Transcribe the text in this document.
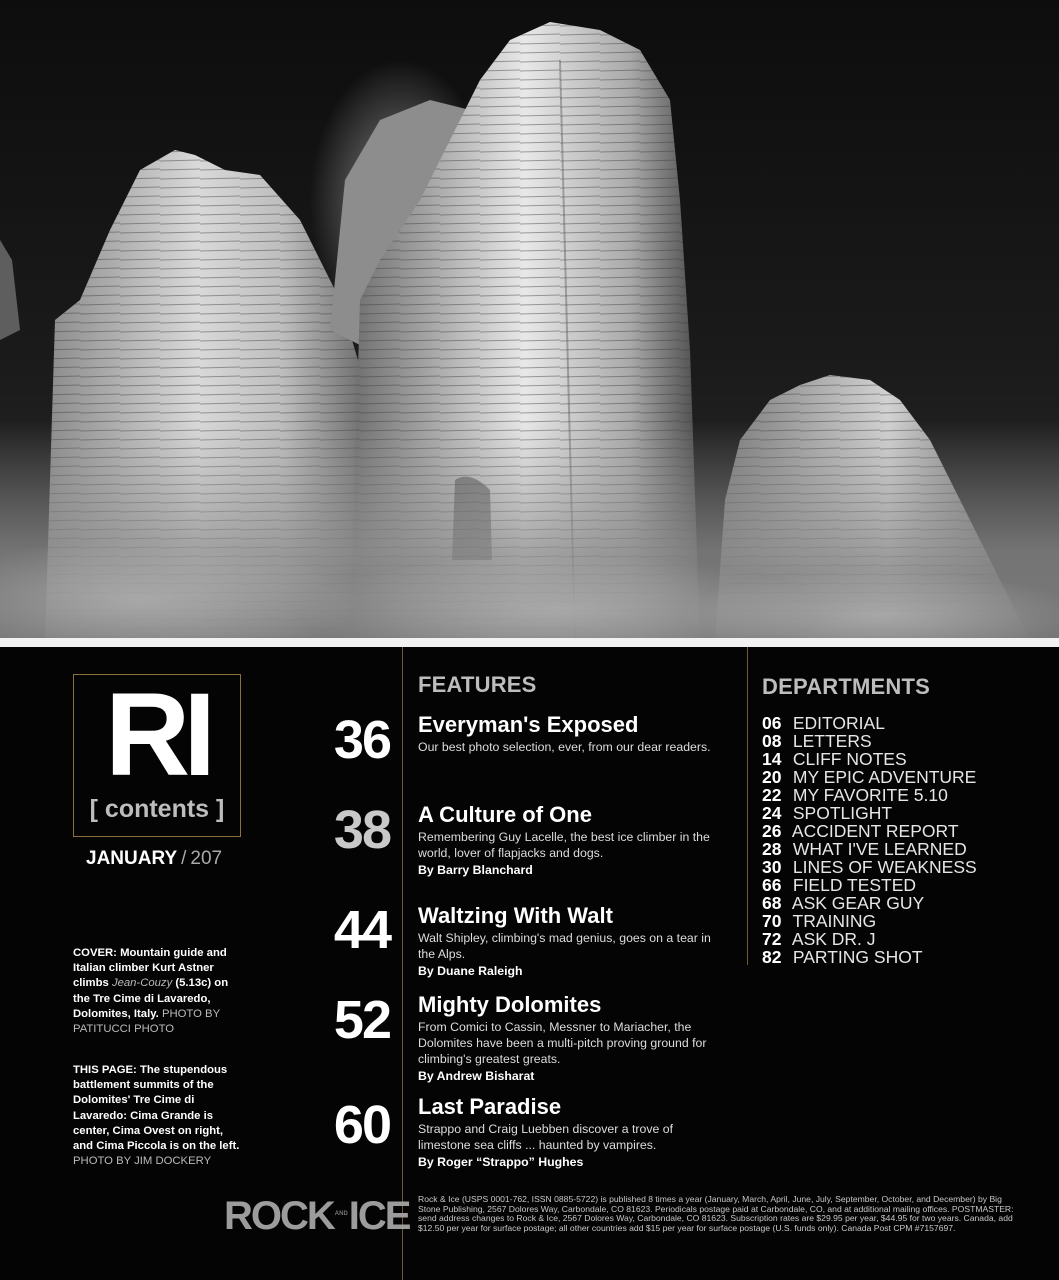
RI
[ contents ]
JANUARY / 207
COVER: Mountain guide and Italian climber Kurt Astner climbs Jean-Couzy (5.13c) on the Tre Cime di Lavaredo, Dolomites, Italy. PHOTO BY PATITUCCI PHOTO
THIS PAGE: The stupendous battlement summits of the Dolomites' Tre Cime di Lavaredo: Cima Grande is center, Cima Ovest on right, and Cima Piccola is on the left. PHOTO BY JIM DOCKERY
FEATURES
36 Everyman's Exposed
Our best photo selection, ever, from our dear readers.
38 A Culture of One
Remembering Guy Lacelle, the best ice climber in the world, lover of flapjacks and dogs.
By Barry Blanchard
44 Waltzing With Walt
Walt Shipley, climbing's mad genius, goes on a tear in the Alps.
By Duane Raleigh
52 Mighty Dolomites
From Comici to Cassin, Messner to Mariacher, the Dolomites have been a multi-pitch proving ground for climbing's greatest greats.
By Andrew Bisharat
60 Last Paradise
Strappo and Craig Luebben discover a trove of limestone sea cliffs ... haunted by vampires.
By Roger “Strappo” Hughes
DEPARTMENTS
06 EDITORIAL
08 LETTERS
14 CLIFF NOTES
20 MY EPIC ADVENTURE
22 MY FAVORITE 5.10
24 SPOTLIGHT
26 ACCIDENT REPORT
28 WHAT I'VE LEARNED
30 LINES OF WEAKNESS
66 FIELD TESTED
68 ASK GEAR GUY
70 TRAINING
72 ASK DR. J
82 PARTING SHOT
$ROCK^{AND}ICE$ Rock & Ice (USPS 0001-762, ISSN 0885-5722) is published 8 times a year (January, March, April, June, July, September, October, and December) by Big Stone Publishing, 2567 Dolores Way, Carbondale, CO 81623. Periodicals postage paid at Carbondale, CO, and at additional mailing offices. POSTMASTER: send address changes to Rock & Ice, 2567 Dolores Way, Carbondale, CO 81623. Subscription rates are $29.95 per year, $44.95 for two years. Canada, add $12.50 per year for surface postage; all other countries add $15 per year for surface postage (U.S. funds only). Canada Post CPM #7157697.
